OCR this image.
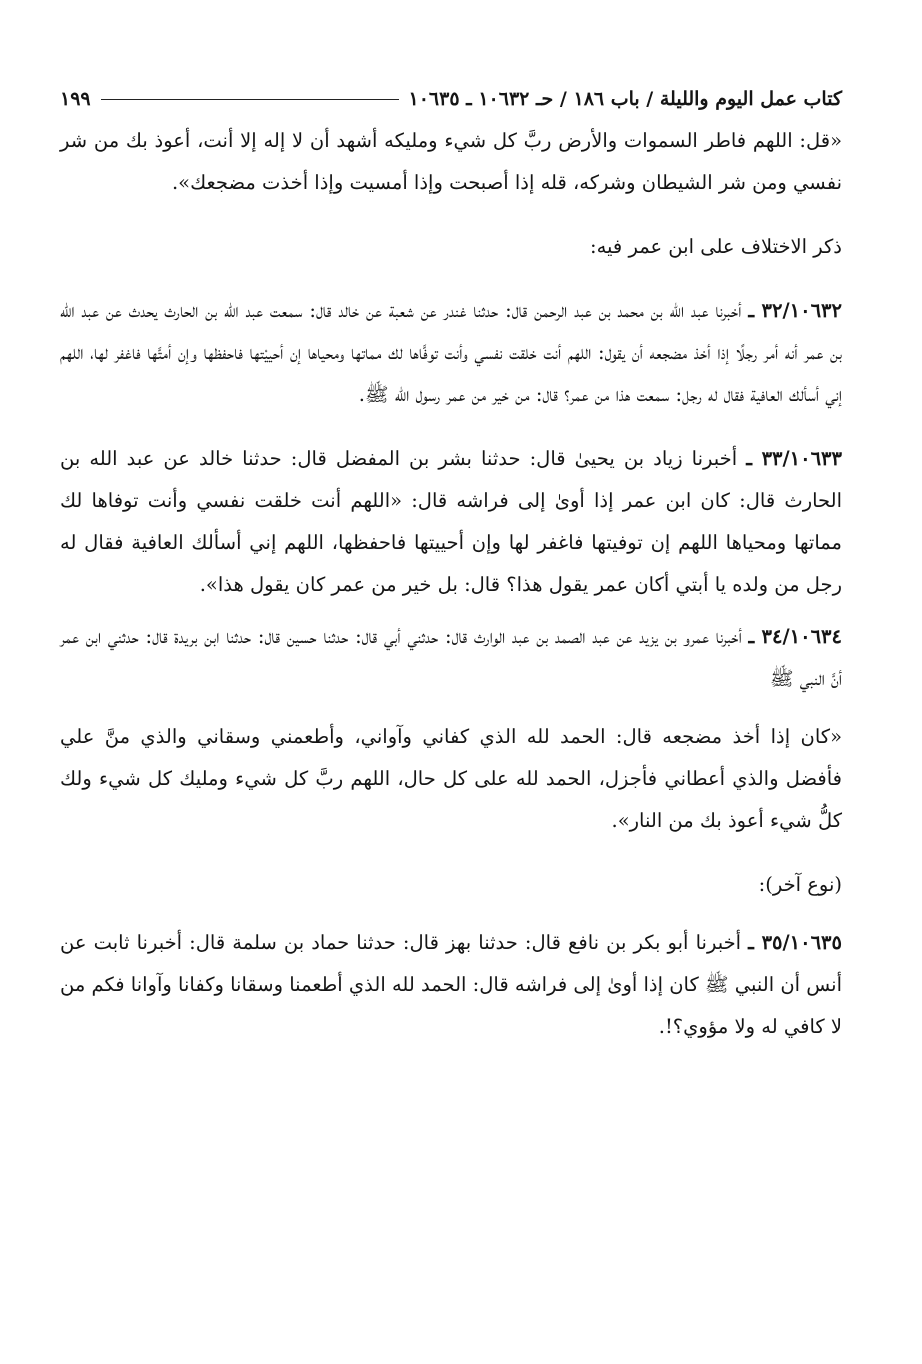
كتاب عمل اليوم والليلة / باب ١٨٦ / حـ ١٠٦٣٢ ـ ١٠٦٣٥
١٩٩

«قل: اللهم فاطر السموات والأرض ربَّ كل شيء ومليكه أشهد أن لا إله إلا أنت، أعوذ بك من شر نفسي ومن شر الشيطان وشركه، قله إذا أصبحت وإذا أمسيت وإذا أخذت مضجعك».

ذكر الاختلاف على ابن عمر فيه:

٣٢/١٠٦٣٢ ـ أخبرنا عبد الله بن محمد بن عبد الرحمن قال: حدثنا غندر عن شعبة عن خالد قال: سمعت عبد الله بن الحارث يحدث عن عبد الله بن عمر أنه أمر رجلًا إذا أخذ مضجعه أن يقول: اللهم أنت خلقت نفسي وأنت توفَّاها لك مماتها ومحياها إن أحييْتها فاحفظها وإن أمتَّها فاغفر لها، اللهم إني أسألك العافية فقال له رجل: سمعت هذا من عمر؟ قال: من خير من عمر رسول الله ﷺ.

٣٣/١٠٦٣٣ ـ أخبرنا زياد بن يحيىٰ قال: حدثنا بشر بن المفضل قال: حدثنا خالد عن عبد الله بن الحارث قال: كان ابن عمر إذا أوىٰ إلى فراشه قال: «اللهم أنت خلقت نفسي وأنت توفاها لك مماتها ومحياها اللهم إن توفيتها فاغفر لها وإن أحييتها فاحفظها، اللهم إني أسألك العافية فقال له رجل من ولده يا أبتي أكان عمر يقول هذا؟ قال: بل خير من عمر كان يقول هذا».

٣٤/١٠٦٣٤ ـ أخبرنا عمرو بن يزيد عن عبد الصمد بن عبد الوارث قال: حدثني أبي قال: حدثنا حسين قال: حدثنا ابن بريدة قال: حدثني ابن عمر أنَّ النبي ﷺ

«كان إذا أخذ مضجعه قال: الحمد لله الذي كفاني وآواني، وأطعمني وسقاني والذي منَّ علي فأفضل والذي أعطاني فأجزل، الحمد لله على كل حال، اللهم ربَّ كل شيء ومليك كل شيء ولك كلُّ شيء أعوذ بك من النار».

(نوع آخر):

٣٥/١٠٦٣٥ ـ أخبرنا أبو بكر بن نافع قال: حدثنا بهز قال: حدثنا حماد بن سلمة قال: أخبرنا ثابت عن أنس أن النبي ﷺ كان إذا أوىٰ إلى فراشه قال: الحمد لله الذي أطعمنا وسقانا وكفانا وآوانا فكم من لا كافي له ولا مؤوي؟!.
